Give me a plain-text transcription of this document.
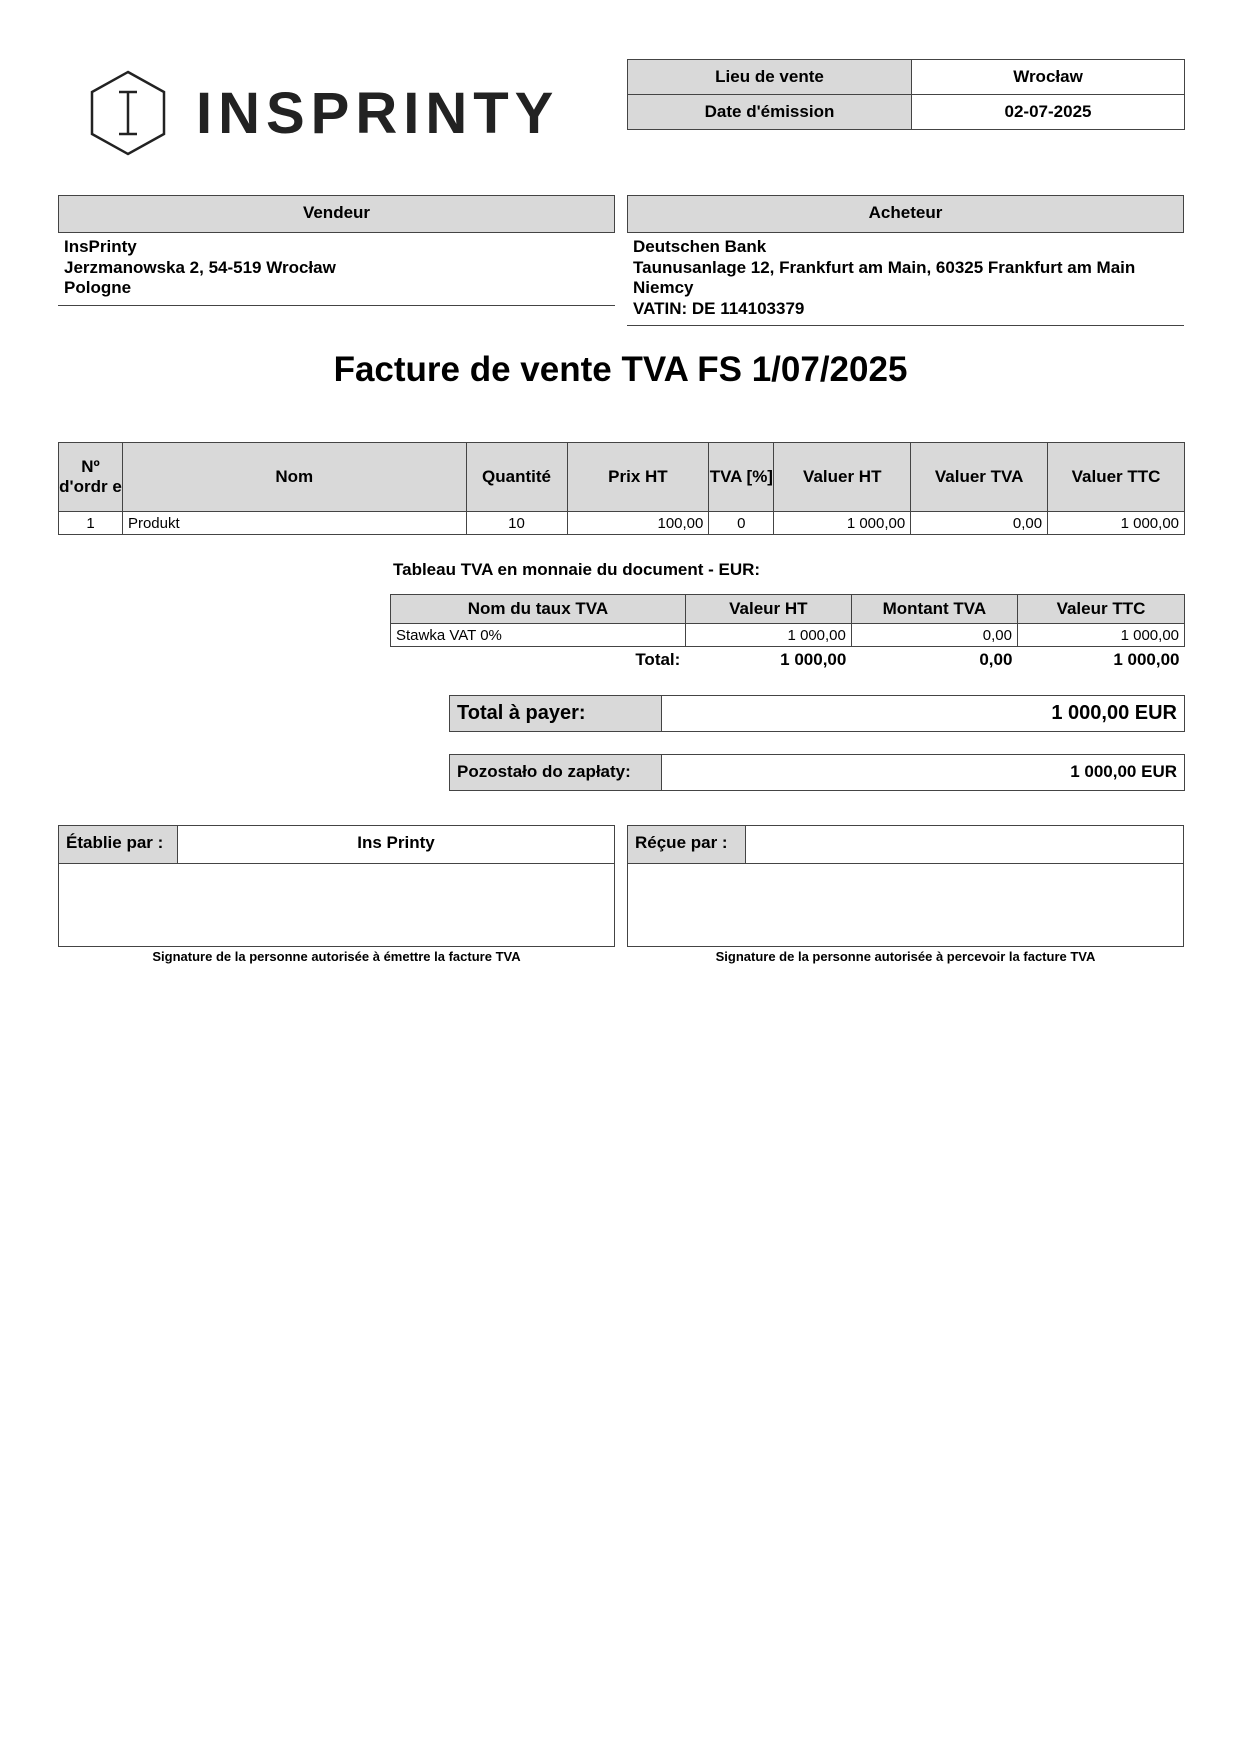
INSPRINTY
Lieu de vente	Wrocław
Date d'émission	02-07-2025
Vendeur
InsPrinty
Jerzmanowska 2, 54-519 Wrocław
Pologne
Acheteur
Deutschen Bank
Taunusanlage 12, Frankfurt am Main, 60325 Frankfurt am Main
Niemcy
VATIN: DE 114103379
Facture de vente TVA FS 1/07/2025
Nº d'ordr e	Nom	Quantité	Prix HT	TVA [%]	Valuer HT	Valuer TVA	Valuer TTC
1	Produkt	10	100,00	0	1 000,00	0,00	1 000,00
Tableau TVA en monnaie du document - EUR:
Nom du taux TVA	Valeur HT	Montant TVA	Valeur TTC
Stawka VAT 0%	1 000,00	0,00	1 000,00
Total:	1 000,00	0,00	1 000,00
Total à payer:	1 000,00 EUR
Pozostało do zapłaty:	1 000,00 EUR
Établie par :	Ins Printy
Signature de la personne autorisée à émettre la facture TVA
Réçue par :
Signature de la personne autorisée à percevoir la facture TVA
